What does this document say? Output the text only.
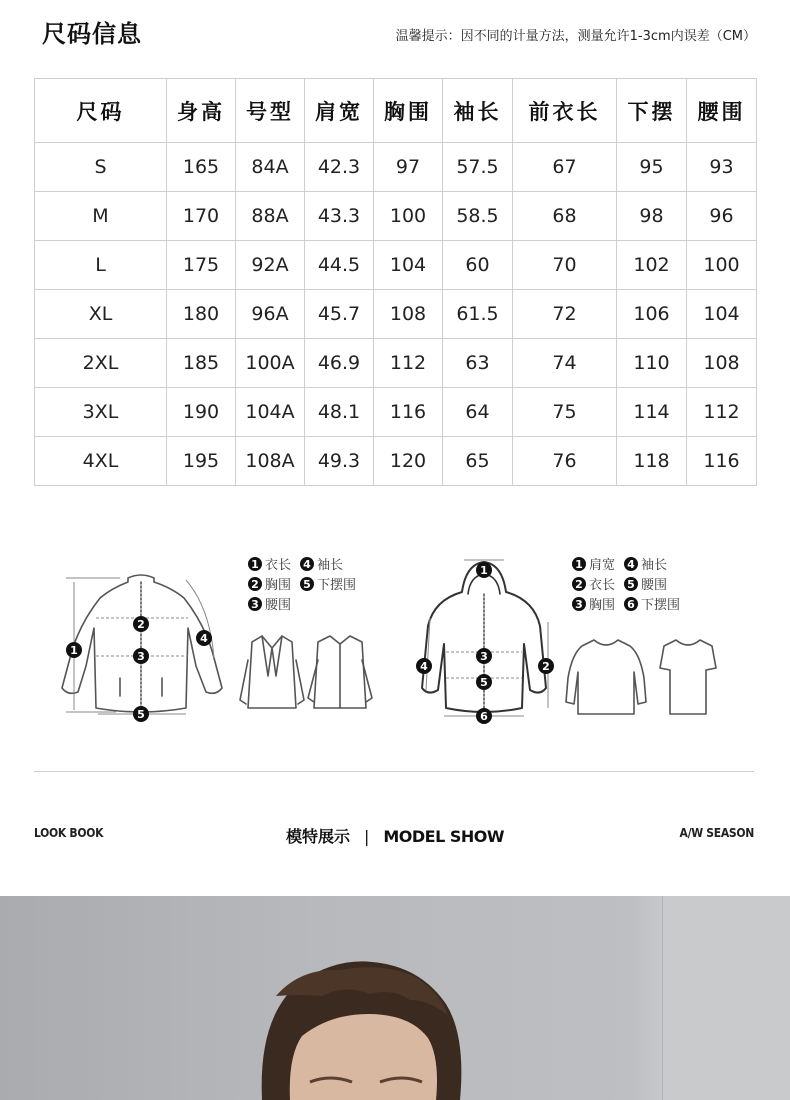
尺码信息	温馨提示：因不同的计量方法，测量允许1-3cm内误差（CM）
尺码	身高	号型	肩宽	胸围	袖长	前衣长	下摆	腰围
S	165	84A	42.3	97	57.5	67	95	93
M	170	88A	43.3	100	58.5	68	98	96
L	175	92A	44.5	104	60	70	102	100
XL	180	96A	45.7	108	61.5	72	106	104
2XL	185	100A	46.9	112	63	74	110	108
3XL	190	104A	48.1	116	64	75	114	112
4XL	195	108A	49.3	120	65	76	118	116
1 衣长 4 袖长
2 胸围 5 下摆围
3 腰围
1 肩宽 4 袖长
2 衣长 5 腰围
3 胸围 6 下摆围
1
2
3
4
5
1
2
3
4
5
6
LOOK BOOK	模特展示 | MODEL SHOW	A/W SEASON
